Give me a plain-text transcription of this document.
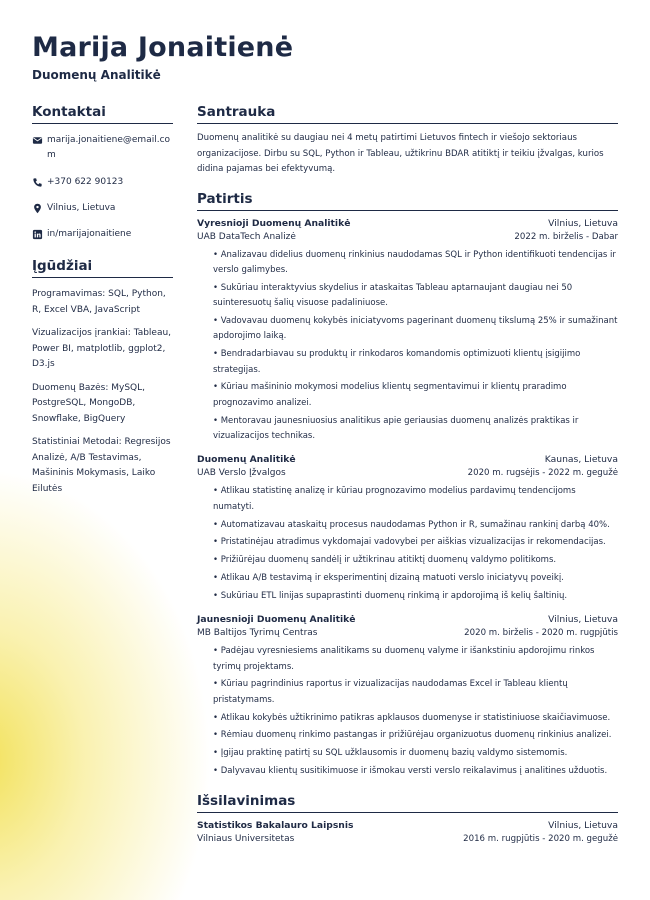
Marija Jonaitienė
Duomenų Analitikė
Kontaktai
marija.jonaitiene@email.com
+370 622 90123
Vilnius, Lietuva
in/marijajonaitiene
Įgūdžiai
Programavimas: SQL, Python, R, Excel VBA, JavaScript
Vizualizacijos įrankiai: Tableau, Power BI, matplotlib, ggplot2, D3.js
Duomenų Bazės: MySQL, PostgreSQL, MongoDB, Snowflake, BigQuery
Statistiniai Metodai: Regresijos Analizė, A/B Testavimas, Mašininis Mokymasis, Laiko Eilutės
Santrauka
Duomenų analitikė su daugiau nei 4 metų patirtimi Lietuvos fintech ir viešojo sektoriaus organizacijose. Dirbu su SQL, Python ir Tableau, užtikrinu BDAR atitiktį ir teikiu įžvalgas, kurios didina pajamas bei efektyvumą.
Patirtis
Vyresnioji Duomenų Analitikė	Vilnius, Lietuva
UAB DataTech Analizė	2022 m. birželis - Dabar
• Analizavau didelius duomenų rinkinius naudodamas SQL ir Python identifikuoti tendencijas ir verslo galimybes.
• Sukūriau interaktyvius skydelius ir ataskaitas Tableau aptarnaujant daugiau nei 50 suinteresuotų šalių visuose padaliniuose.
• Vadovavau duomenų kokybės iniciatyvoms pagerinant duomenų tikslumą 25% ir sumažinant apdorojimo laiką.
• Bendradarbiavau su produktų ir rinkodaros komandomis optimizuoti klientų įsigijimo strategijas.
• Kūriau mašininio mokymosi modelius klientų segmentavimui ir klientų praradimo prognozavimo analizei.
• Mentoravau jaunesniuosius analitikus apie geriausias duomenų analizės praktikas ir vizualizacijos technikas.
Duomenų Analitikė	Kaunas, Lietuva
UAB Verslo Įžvalgos	2020 m. rugsėjis - 2022 m. gegužė
• Atlikau statistinę analizę ir kūriau prognozavimo modelius pardavimų tendencijoms numatyti.
• Automatizavau ataskaitų procesus naudodamas Python ir R, sumažinau rankinį darbą 40%.
• Pristatinėjau atradimus vykdomajai vadovybei per aiškias vizualizacijas ir rekomendacijas.
• Prižiūrėjau duomenų sandėlį ir užtikrinau atitiktį duomenų valdymo politikoms.
• Atlikau A/B testavimą ir eksperimentinį dizainą matuoti verslo iniciatyvų poveikį.
• Sukūriau ETL linijas supaprastinti duomenų rinkimą ir apdorojimą iš kelių šaltinių.
Jaunesnioji Duomenų Analitikė	Vilnius, Lietuva
MB Baltijos Tyrimų Centras	2020 m. birželis - 2020 m. rugpjūtis
• Padėjau vyresniesiems analitikams su duomenų valyme ir išankstiniu apdorojimu rinkos tyrimų projektams.
• Kūriau pagrindinius raportus ir vizualizacijas naudodamas Excel ir Tableau klientų pristatymams.
• Atlikau kokybės užtikrinimo patikras apklausos duomenyse ir statistiniuose skaičiavimuose.
• Rėmiau duomenų rinkimo pastangas ir prižiūrėjau organizuotus duomenų rinkinius analizei.
• Įgijau praktinę patirtį su SQL užklausomis ir duomenų bazių valdymo sistemomis.
• Dalyvavau klientų susitikimuose ir išmokau versti verslo reikalavimus į analitines užduotis.
Išsilavinimas
Statistikos Bakalauro Laipsnis	Vilnius, Lietuva
Vilniaus Universitetas	2016 m. rugpjūtis - 2020 m. gegužė
